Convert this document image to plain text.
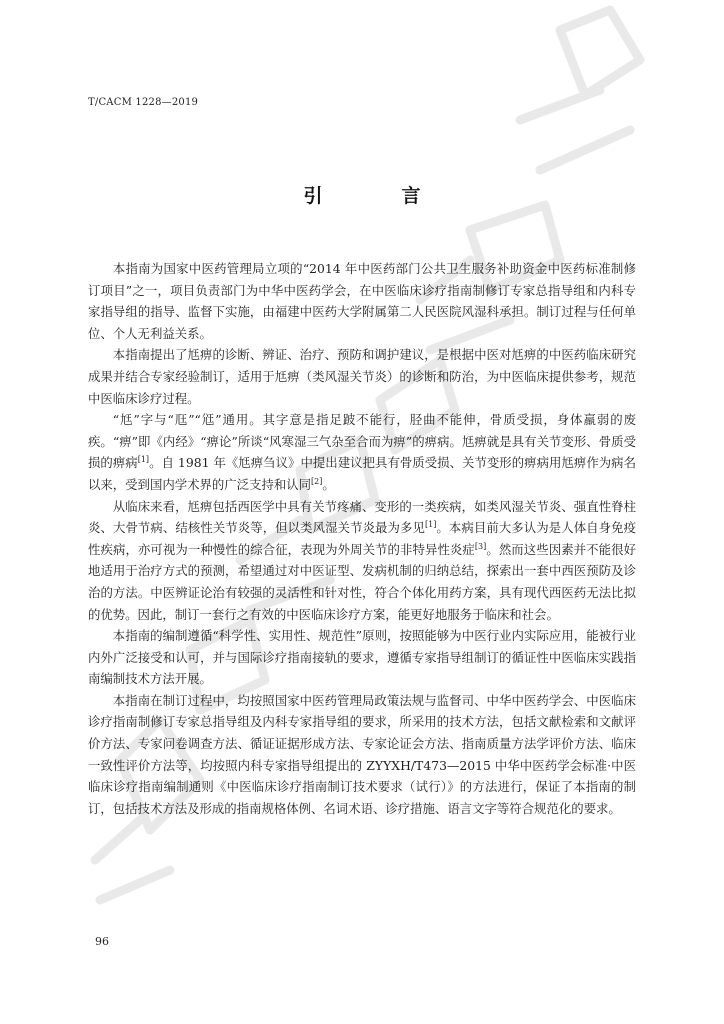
T/CACM 1228—2019
引　言

本指南为国家中医药管理局立项的“2014 年中医药部门公共卫生服务补助资金中医药标准制修订项目”之一，项目负责部门为中华中医药学会，在中医临床诊疗指南制修订专家总指导组和内科专家指导组的指导、监督下实施，由福建中医药大学附属第二人民医院风湿科承担。制订过程与任何单位、个人无利益关系。

本指南提出了尪痹的诊断、辨证、治疗、预防和调护建议，是根据中医对尪痹的中医药临床研究成果并结合专家经验制订，适用于尪痹（类风湿关节炎）的诊断和防治，为中医临床提供参考，规范中医临床诊疗过程。

“尪”字与“尫”“尩”通用。其字意是指足跛不能行，胫曲不能伸，骨质受损，身体羸弱的废疾。“痹”即《内经》“痹论”所谈“风寒湿三气杂至合而为痹”的痹病。尪痹就是具有关节变形、骨质受损的痹病[1]。自 1981 年《尪痹刍议》中提出建议把具有骨质受损、关节变形的痹病用尪痹作为病名以来，受到国内学术界的广泛支持和认同[2]。

从临床来看，尪痹包括西医学中具有关节疼痛、变形的一类疾病，如类风湿关节炎、强直性脊柱炎、大骨节病、结核性关节炎等，但以类风湿关节炎最为多见[1]。本病目前大多认为是人体自身免疫性疾病，亦可视为一种慢性的综合征，表现为外周关节的非特异性炎症[3]。然而这些因素并不能很好地适用于治疗方式的预测，希望通过对中医证型、发病机制的归纳总结，探索出一套中西医预防及诊治的方法。中医辨证论治有较强的灵活性和针对性，符合个体化用药方案，具有现代西医药无法比拟的优势。因此，制订一套行之有效的中医临床诊疗方案，能更好地服务于临床和社会。

本指南的编制遵循“科学性、实用性、规范性”原则，按照能够为中医行业内实际应用，能被行业内外广泛接受和认可，并与国际诊疗指南接轨的要求，遵循专家指导组制订的循证性中医临床实践指南编制技术方法开展。

本指南在制订过程中，均按照国家中医药管理局政策法规与监督司、中华中医药学会、中医临床诊疗指南制修订专家总指导组及内科专家指导组的要求，所采用的技术方法，包括文献检索和文献评价方法、专家问卷调查方法、循证证据形成方法、专家论证会方法、指南质量方法学评价方法、临床一致性评价方法等，均按照内科专家指导组提出的 ZYYXH/T473—2015 中华中医药学会标准·中医临床诊疗指南编制通则《中医临床诊疗指南制订技术要求（试行）》的方法进行，保证了本指南的制订，包括技术方法及形成的指南规格体例、名词术语、诊疗措施、语言文字等符合规范化的要求。

96
